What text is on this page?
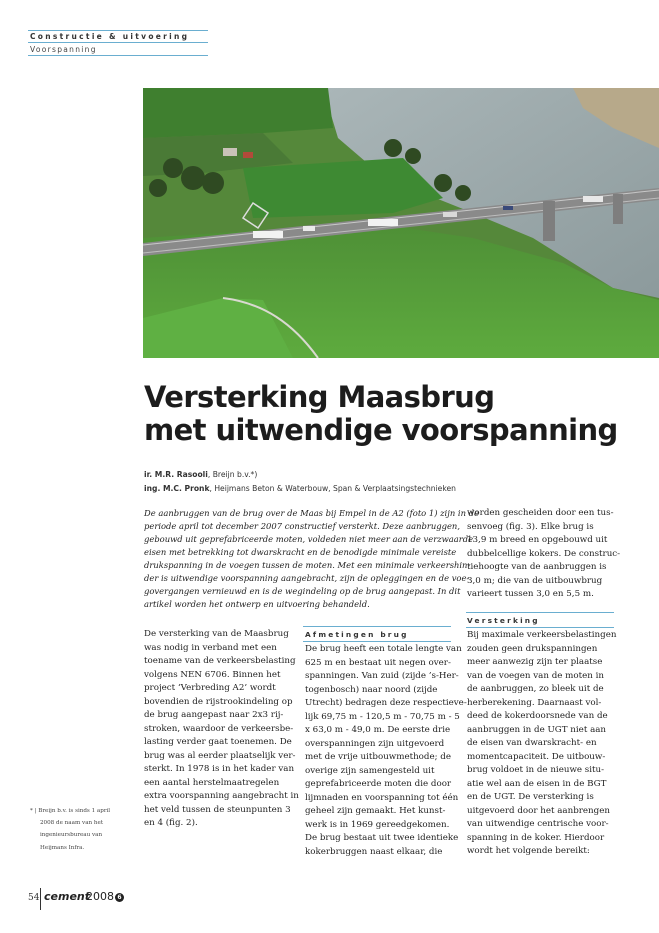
Constructie & uitvoering
Voorspanning
Versterking Maasbrug
met uitwendige voorspanning
ir. M.R. Rasooli, Breijn b.v.*)
ing. M.C. Pronk, Heijmans Beton & Waterbouw, Span & Verplaatsingstechnieken
De aanbruggen van de brug over de Maas bij Empel in de A2 (foto 1) zijn in de
periode april tot december 2007 constructief versterkt. Deze aanbruggen,
gebouwd uit geprefabriceerde moten, voldeden niet meer aan de verzwaarde
eisen met betrekking tot dwarskracht en de benodigde minimale vereiste
drukspanning in de voegen tussen de moten. Met een minimale verkeershin-
der is uitwendige voorspanning aangebracht, zijn de opleggingen en de voe-
govergangen vernieuwd en is de wegindeling op de brug aangepast. In dit
artikel worden het ontwerp en uitvoering behandeld.
De versterking van de Maasbrug
was nodig in verband met een
toename van de verkeersbelasting
volgens NEN 6706. Binnen het
project ‘Verbreding A2’ wordt
bovendien de rijstrookindeling op
de brug aangepast naar 2x3 rij-
stroken, waardoor de verkeersbe-
lasting verder gaat toenemen. De
brug was al eerder plaatselijk ver-
sterkt. In 1978 is in het kader van
een aantal herstelmaatregelen
extra voorspanning aangebracht in
het veld tussen de steunpunten 3
en 4 (fig. 2).
Afmetingen brug
De brug heeft een totale lengte van
625 m en bestaat uit negen over-
spanningen. Van zuid (zijde ’s-Her-
togenbosch) naar noord (zijde
Utrecht) bedragen deze respectieve-
lijk 69,75 m - 120,5 m - 70,75 m - 5
x 63,0 m - 49,0 m. De eerste drie
overspanningen zijn uitgevoerd
met de vrije uitbouwmethode; de
overige zijn samengesteld uit
geprefabriceerde moten die door
lijmnaden en voorspanning tot één
geheel zijn gemaakt. Het kunst-
werk is in 1969 gereedgekomen.
De brug bestaat uit twee identieke
kokerbruggen naast elkaar, die
worden gescheiden door een tus-
senvoeg (fig. 3). Elke brug is
13,9 m breed en opgebouwd uit
dubbelcellige kokers. De construc-
tiehoogte van de aanbruggen is
3,0 m; die van de uitbouwbrug
varieert tussen 3,0 en 5,5 m.
Versterking
Bij maximale verkeersbelastingen
zouden geen drukspanningen
meer aanwezig zijn ter plaatse
van de voegen van de moten in
de aanbruggen, zo bleek uit de
herberekening. Daarnaast vol-
deed de kokerdoorsnede van de
aanbruggen in de UGT niet aan
de eisen van dwarskracht- en
momentcapaciteit. De uitbouw-
brug voldoet in de nieuwe situ-
atie wel aan de eisen in de BGT
en de UGT. De versterking is
uitgevoerd door het aanbrengen
van uitwendige centrische voor-
spanning in de koker. Hierdoor
wordt het volgende bereikt:
* | Breijn b.v. is sinds 1 april
2008 de naam van het
ingenieursbureau van
Heijmans Infra.
54 cement
2008 6
